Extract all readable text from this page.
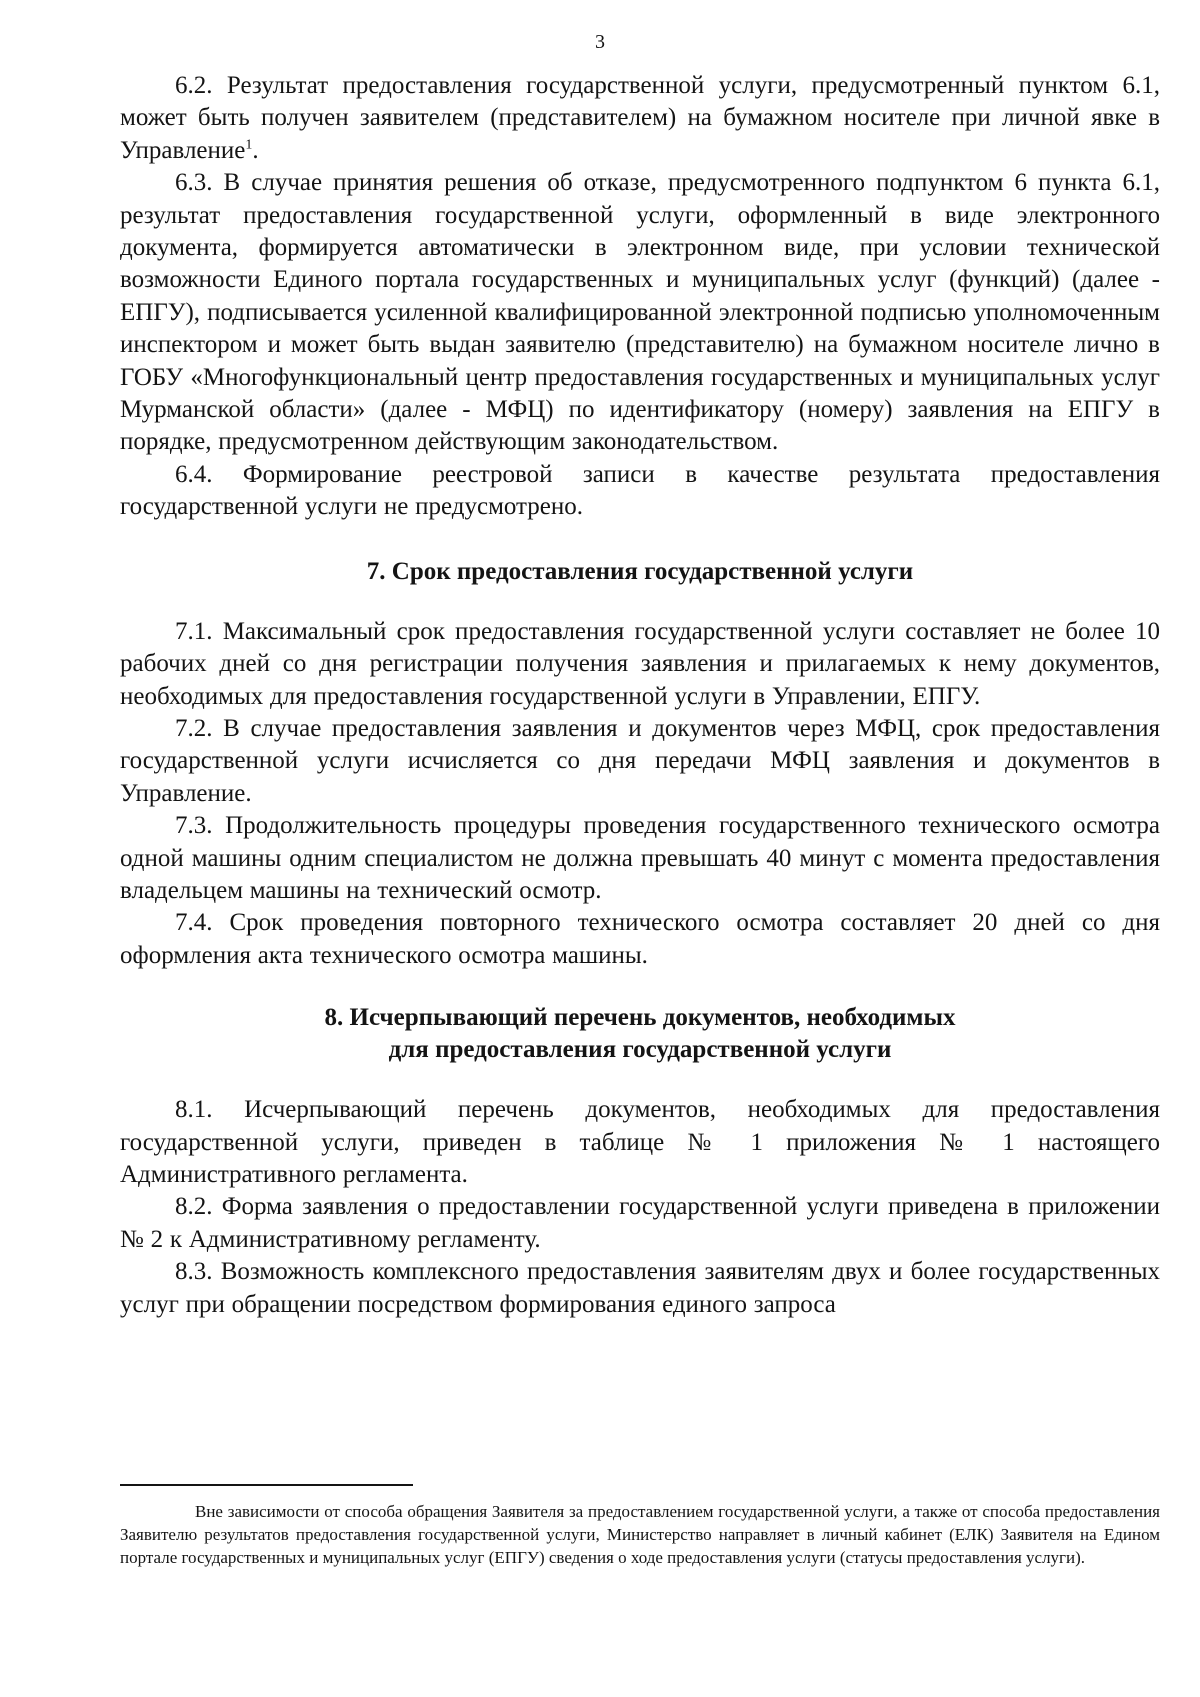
3

6.2. Результат предоставления государственной услуги, предусмотренный пунктом 6.1, может быть получен заявителем (представителем) на бумажном носителе при личной явке в Управление$^1$.

6.3. В случае принятия решения об отказе, предусмотренного подпунктом 6 пункта 6.1, результат предоставления государственной услуги, оформленный в виде электронного документа, формируется автоматически в электронном виде, при условии технической возможности Единого портала государственных и муниципальных услуг (функций) (далее - ЕПГУ), подписывается усиленной квалифицированной электронной подписью уполномоченным инспектором и может быть выдан заявителю (представителю) на бумажном носителе лично в ГОБУ «Многофункциональный центр предоставления государственных и муниципальных услуг Мурманской области» (далее - МФЦ) по идентификатору (номеру) заявления на ЕПГУ в порядке, предусмотренном действующим законодательством.

6.4. Формирование реестровой записи в качестве результата предоставления государственной услуги не предусмотрено.

7. Срок предоставления государственной услуги

7.1. Максимальный срок предоставления государственной услуги составляет не более 10 рабочих дней со дня регистрации получения заявления и прилагаемых к нему документов, необходимых для предоставления государственной услуги в Управлении, ЕПГУ.

7.2. В случае предоставления заявления и документов через МФЦ, срок предоставления государственной услуги исчисляется со дня передачи МФЦ заявления и документов в Управление.

7.3. Продолжительность процедуры проведения государственного технического осмотра одной машины одним специалистом не должна превышать 40 минут с момента предоставления владельцем машины на технический осмотр.

7.4. Срок проведения повторного технического осмотра составляет 20 дней со дня оформления акта технического осмотра машины.

8. Исчерпывающий перечень документов, необходимых
для предоставления государственной услуги

8.1. Исчерпывающий перечень документов, необходимых для предоставления государственной услуги, приведен в таблице № 1 приложения № 1 настоящего Административного регламента.

8.2. Форма заявления о предоставлении государственной услуги приведена в приложении № 2 к Административному регламенту.

8.3. Возможность комплексного предоставления заявителям двух и более государственных услуг при обращении посредством формирования единого запроса

Вне зависимости от способа обращения Заявителя за предоставлением государственной услуги, а также от способа предоставления Заявителю результатов предоставления государственной услуги, Министерство направляет в личный кабинет (ЕЛК) Заявителя на Едином портале государственных и муниципальных услуг (ЕПГУ) сведения о ходе предоставления услуги (статусы предоставления услуги).
